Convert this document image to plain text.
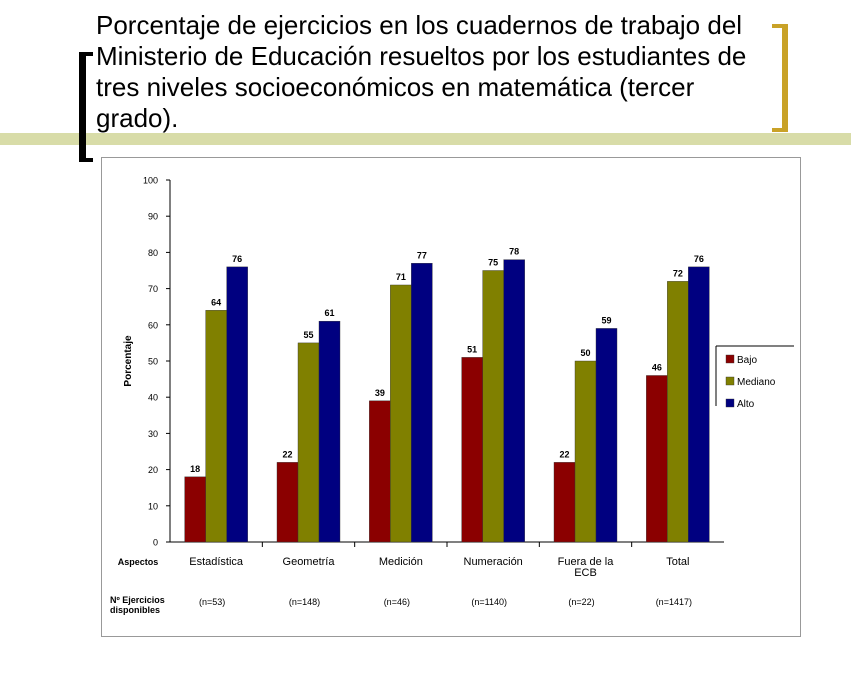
Porcentaje de ejercicios en los cuadernos de trabajo del Ministerio de Educación resueltos por los estudiantes de tres niveles socioeconómicos en matemática (tercer grado).
0
10
20
30
40
50
60
70
80
90
100
Porcentaje
18
64
76
Estadística
(n=53)
22
55
61
Geometría
(n=148)
39
71
77
Medición
(n=46)
51
75
78
Numeración
(n=1140)
22
50
59
Fuera de la
ECB
(n=22)
46
72
76
Total
(n=1417)
Aspectos
Nº Ejercicios
disponibles
Bajo
Mediano
Alto
